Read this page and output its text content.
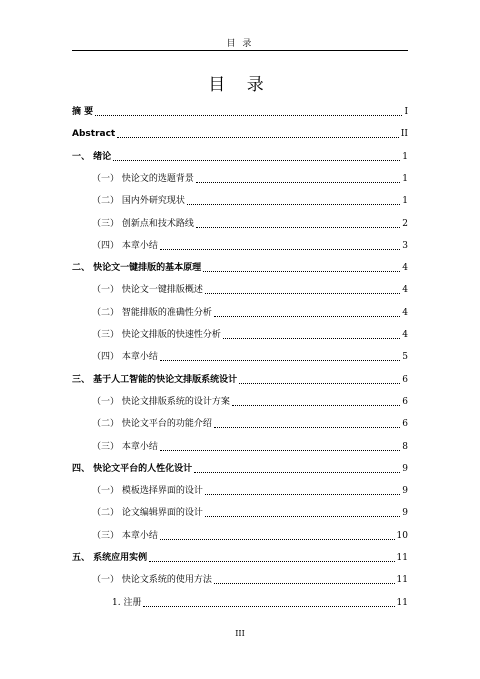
目 录
目 录
摘 要	I
Abstract	II
一、 绪论	1
（一） 快论文的选题背景	1
（二） 国内外研究现状	1
（三） 创新点和技术路线	2
（四） 本章小结	3
二、 快论文一键排版的基本原理	4
（一） 快论文一键排版概述	4
（二） 智能排版的准确性分析	4
（三） 快论文排版的快速性分析	4
（四） 本章小结	5
三、 基于人工智能的快论文排版系统设计	6
（一） 快论文排版系统的设计方案	6
（二） 快论文平台的功能介绍	6
（三） 本章小结	8
四、 快论文平台的人性化设计	9
（一） 模板选择界面的设计	9
（二） 论文编辑界面的设计	9
（三） 本章小结	10
五、 系统应用实例	11
（一） 快论文系统的使用方法	11
1. 注册	11
III
